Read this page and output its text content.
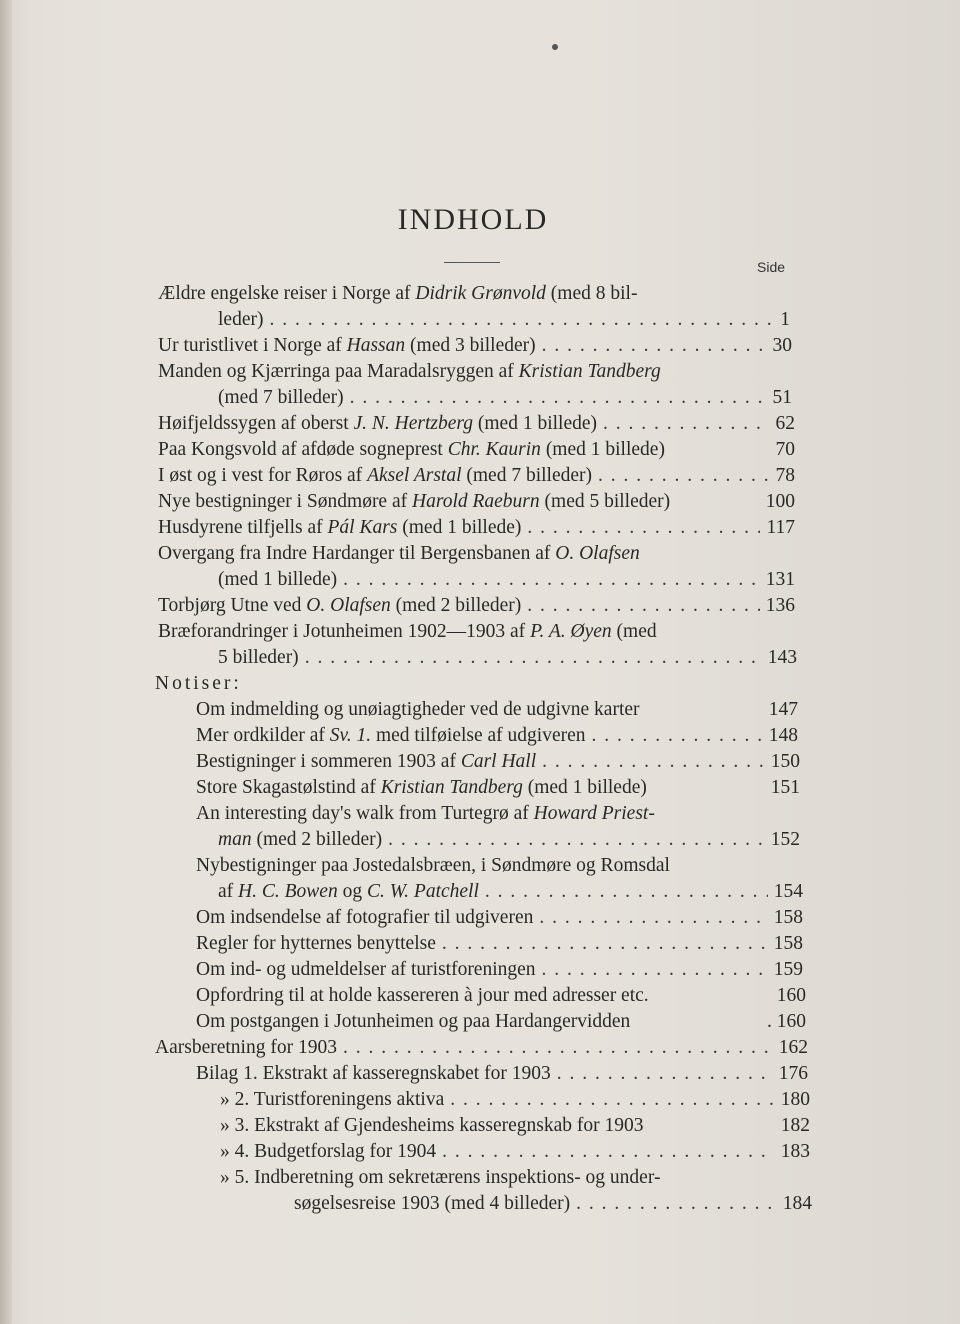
INDHOLD
Side
Ældre engelske reiser i Norge af Didrik Grønvold (med 8 bil-
leder) . . .	1
Ur turistlivet i Norge af Hassan (med 3 billeder) . . .	30
Manden og Kjærringa paa Maradalsryggen af Kristian Tandberg
(med 7 billeder) . . .	51
Høifjeldssygen af oberst J. N. Hertzberg (med 1 billede) . . .	62
Paa Kongsvold af afdøde sogneprest Chr. Kaurin (med 1 billede)	70
I øst og i vest for Røros af Aksel Arstal (med 7 billeder) . . .	78
Nye bestigninger i Søndmøre af Harold Raeburn (med 5 billeder)	100
Husdyrene tilfjells af Pál Kars (med 1 billede) . . .	117
Overgang fra Indre Hardanger til Bergensbanen af O. Olafsen
(med 1 billede) . . .	131
Torbjørg Utne ved O. Olafsen (med 2 billeder) . . .	136
Bræforandringer i Jotunheimen 1902—1903 af P. A. Øyen (med
5 billeder) . . .	143
Notiser:
Om indmelding og unøiagtigheder ved de udgivne karter	147
Mer ordkilder af Sv. 1. med tilføielse af udgiveren . . .	148
Bestigninger i sommeren 1903 af Carl Hall . . .	150
Store Skagastølstind af Kristian Tandberg (med 1 billede)	151
An interesting day's walk from Turtegrø af Howard Priest-
man (med 2 billeder) . . .	152
Nybestigninger paa Jostedalsbræen, i Søndmøre og Romsdal
af H. C. Bowen og C. W. Patchell . . .	154
Om indsendelse af fotografier til udgiveren . . .	158
Regler for hytternes benyttelse . . .	158
Om ind- og udmeldelser af turistforeningen . . .	159
Opfordring til at holde kassereren à jour med adresser etc.	160
Om postgangen i Jotunheimen og paa Hardangervidden	. 160
Aarsberetning for 1903 . . .	162
Bilag 1. Ekstrakt af kasseregnskabet for 1903 . . .	176
» 2. Turistforeningens aktiva . . .	180
» 3. Ekstrakt af Gjendesheims kasseregnskab for 1903	182
» 4. Budgetforslag for 1904 . . .	183
» 5. Indberetning om sekretærens inspektions- og under-
søgelsesreise 1903 (med 4 billeder) . . .	184
